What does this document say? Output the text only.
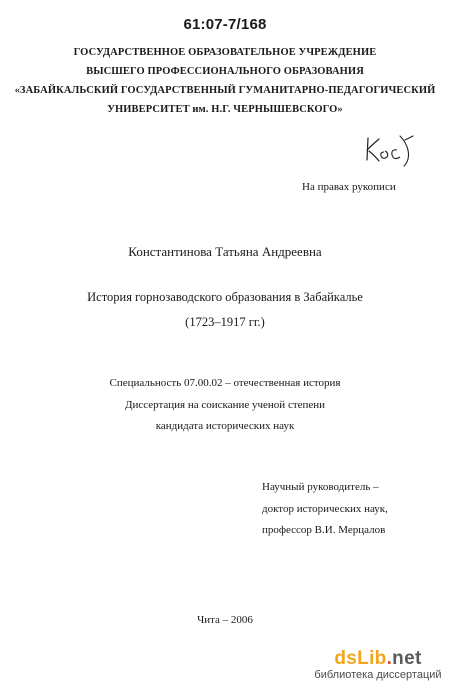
61:07-7/168
ГОСУДАРСТВЕННОЕ ОБРАЗОВАТЕЛЬНОЕ УЧРЕЖДЕНИЕ
ВЫСШЕГО ПРОФЕССИОНАЛЬНОГО ОБРАЗОВАНИЯ
«ЗАБАЙКАЛЬСКИЙ ГОСУДАРСТВЕННЫЙ ГУМАНИТАРНО-ПЕДАГОГИЧЕСКИЙ
УНИВЕРСИТЕТ им. Н.Г. ЧЕРНЫШЕВСКОГО»
На правах рукописи
Константинова Татьяна Андреевна
История горнозаводского образования в Забайкалье
(1723–1917 гг.)
Специальность 07.00.02 – отечественная история
Диссертация на соискание ученой степени
кандидата исторических наук
Научный руководитель –
доктор исторических наук,
профессор В.И. Мерцалов
Чита – 2006
dsLib.net
библиотека диссертаций
